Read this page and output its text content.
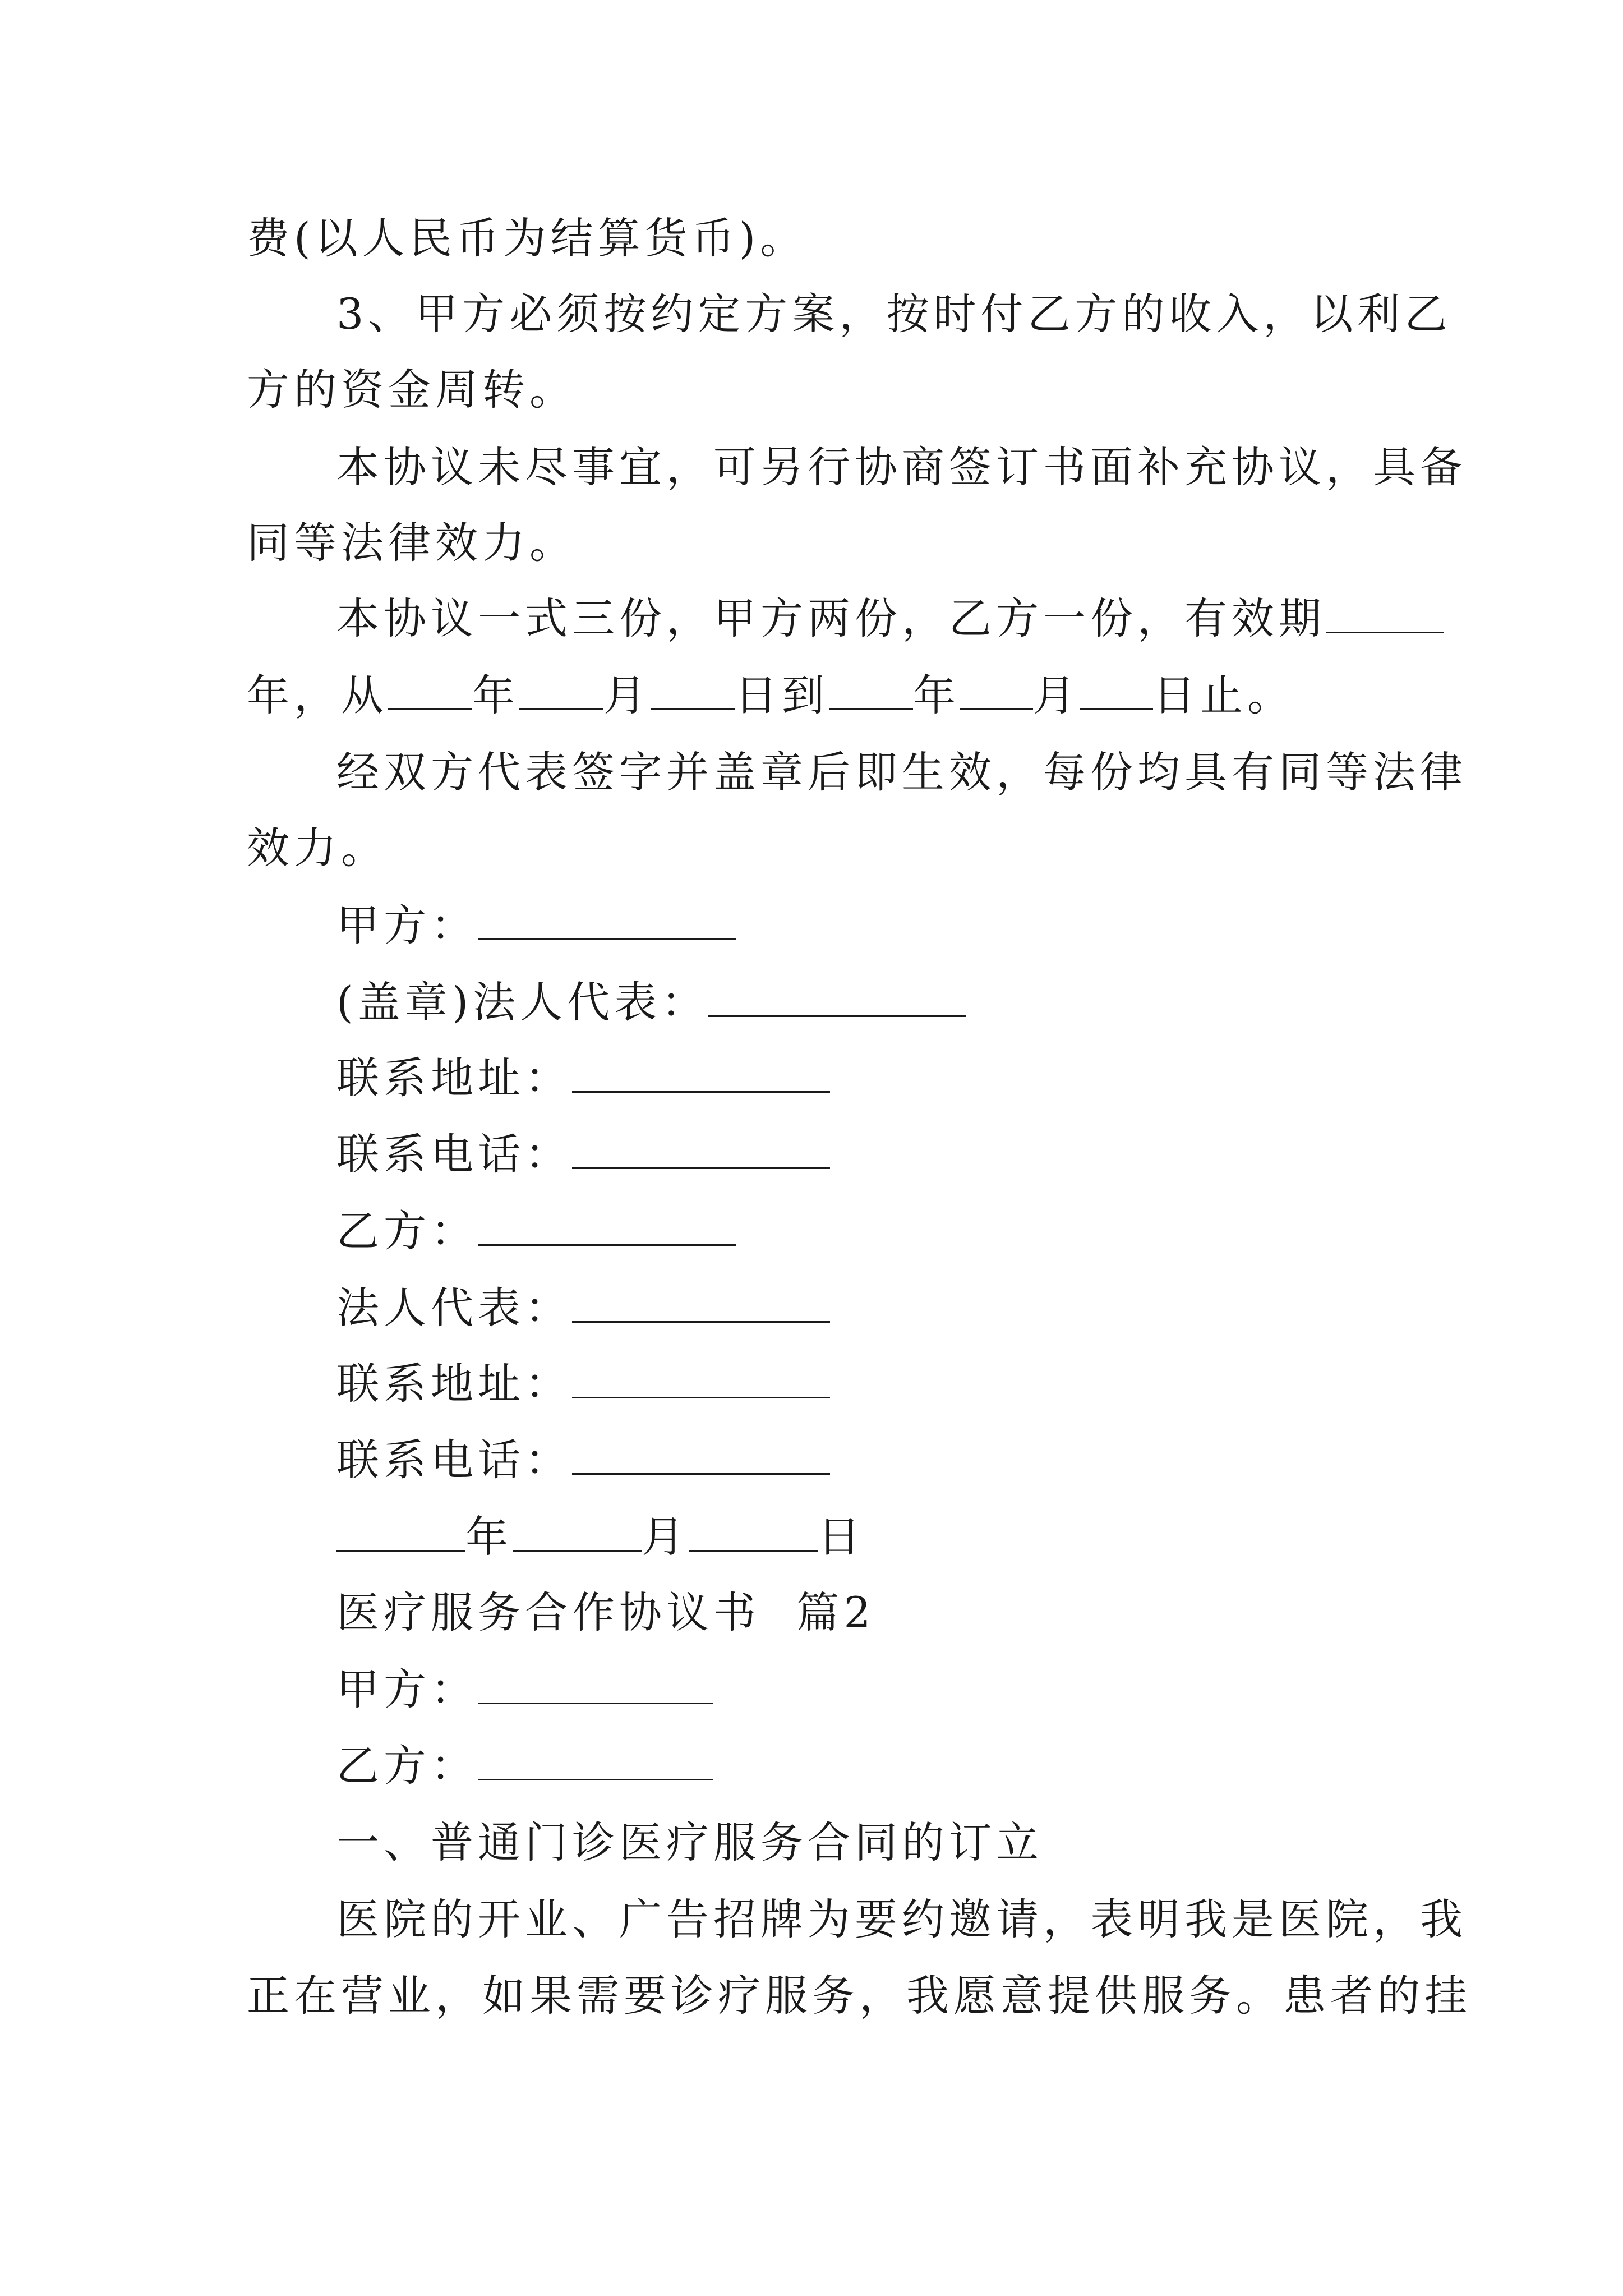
费(以人民币为结算货币)。
3、甲方必须按约定方案，按时付乙方的收入，以利乙
方的资金周转。
本协议未尽事宜，可另行协商签订书面补充协议，具备
同等法律效力。
本协议一式三份，甲方两份，乙方一份，有效期
年，从 年 月 日到 年 月 日止。
经双方代表签字并盖章后即生效，每份均具有同等法律
效力。
甲方：
(盖章)法人代表：
联系地址：
联系电话：
乙方：
法人代表：
联系地址：
联系电话：
年	月	日
医疗服务合作协议书  篇2
甲方：
乙方：
一、普通门诊医疗服务合同的订立
医院的开业、广告招牌为要约邀请，表明我是医院，我
正在营业，如果需要诊疗服务，我愿意提供服务。患者的挂
